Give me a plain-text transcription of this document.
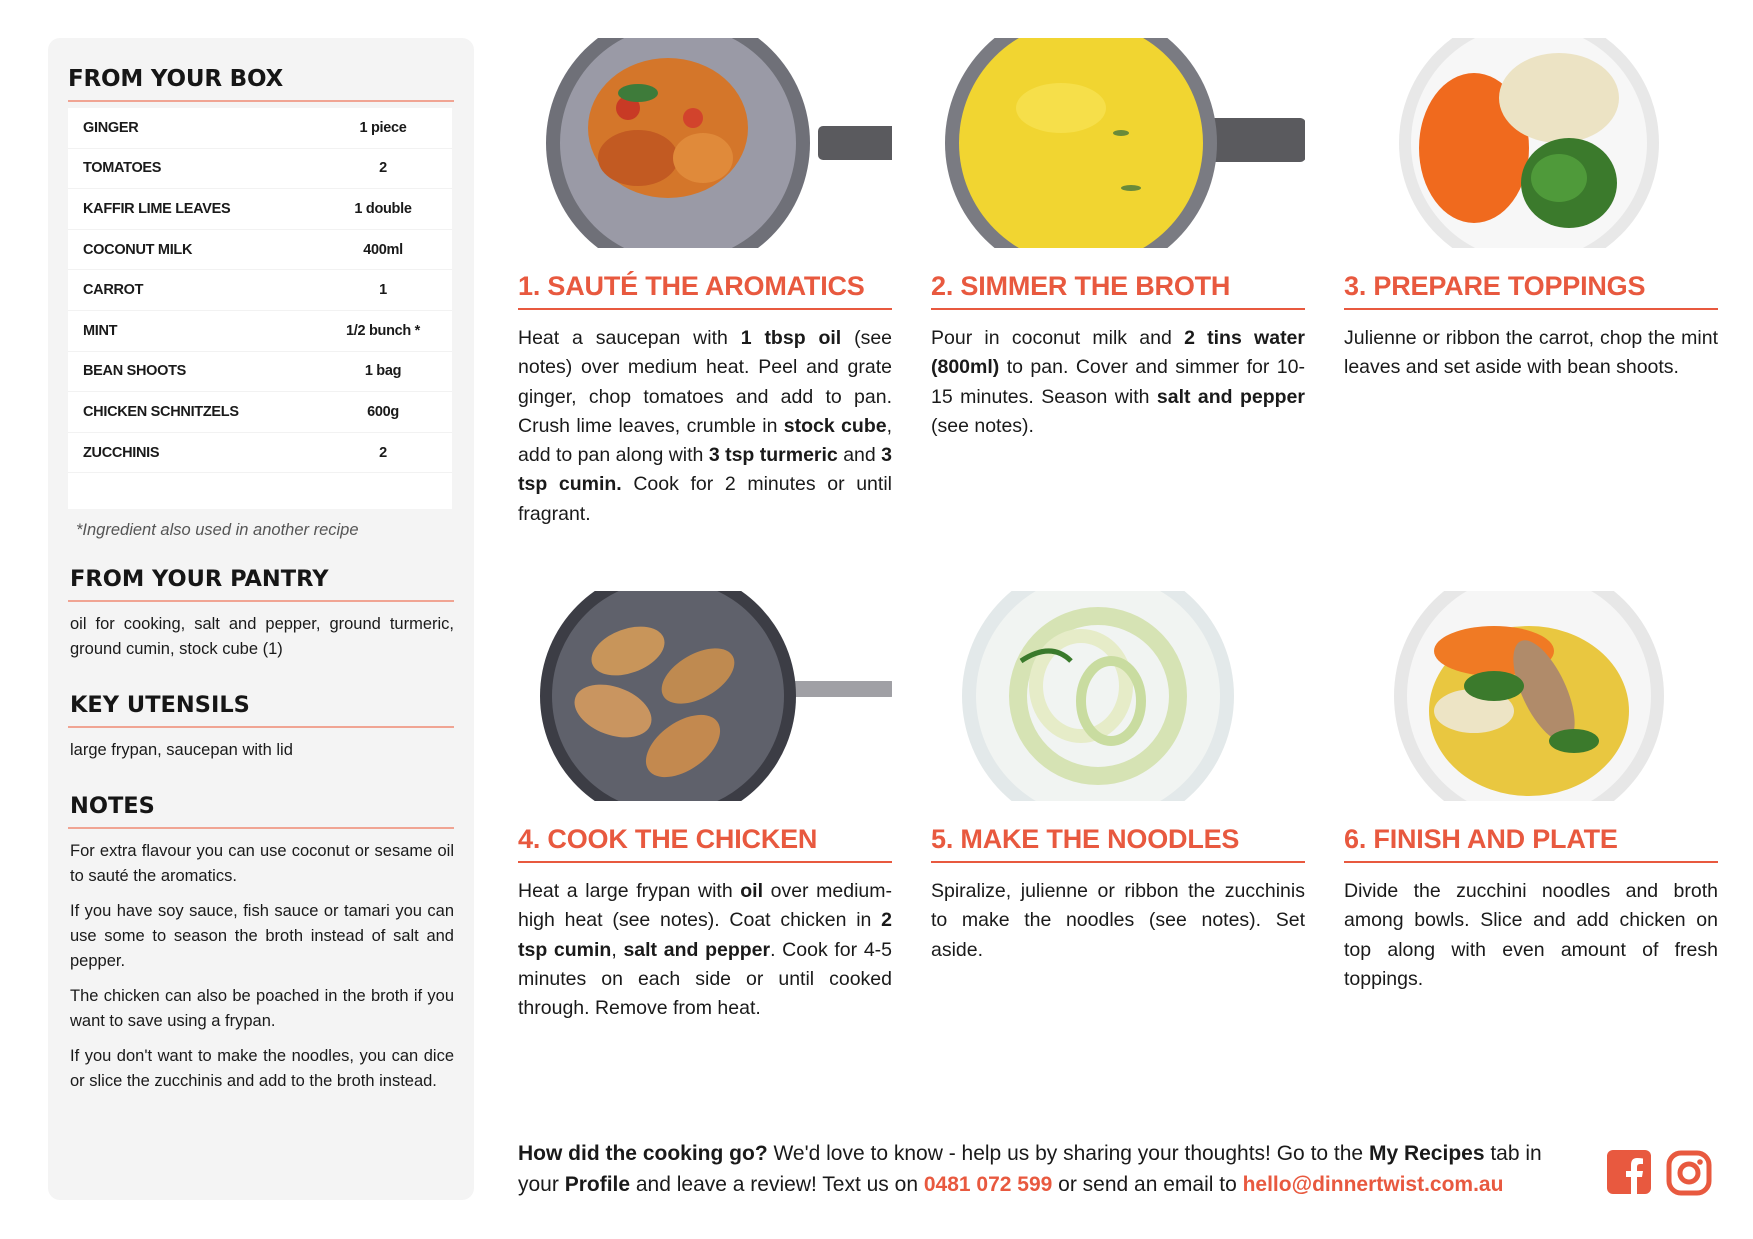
FROM YOUR BOX
GINGER	1 piece
TOMATOES	2
KAFFIR LIME LEAVES	1 double
COCONUT MILK	400ml
CARROT	1
MINT	1/2 bunch *
BEAN SHOOTS	1 bag
CHICKEN SCHNITZELS	600g
ZUCCHINIS	2

*Ingredient also used in another recipe

FROM YOUR PANTRY

oil for cooking, salt and pepper, ground turmeric, ground cumin, stock cube (1)

KEY UTENSILS

large frypan, saucepan with lid

NOTES

For extra flavour you can use coconut or sesame oil to sauté the aromatics.

If you have soy sauce, fish sauce or tamari you can use some to season the broth instead of salt and pepper.

The chicken can also be poached in the broth if you want to save using a frypan.

If you don't want to make the noodles, you can dice or slice the zucchinis and add to the broth instead.

1. SAUTÉ THE AROMATICS

Heat a saucepan with 1 tbsp oil (see notes) over medium heat. Peel and grate ginger, chop tomatoes and add to pan. Crush lime leaves, crumble in stock cube, add to pan along with 3 tsp turmeric and 3 tsp cumin. Cook for 2 minutes or until fragrant.

2. SIMMER THE BROTH

Pour in coconut milk and 2 tins water (800ml) to pan. Cover and simmer for 10-15 minutes. Season with salt and pepper (see notes).

3. PREPARE TOPPINGS

Julienne or ribbon the carrot, chop the mint leaves and set aside with bean shoots.

4. COOK THE CHICKEN

Heat a large frypan with oil over medium-high heat (see notes). Coat chicken in 2 tsp cumin, salt and pepper. Cook for 4-5 minutes on each side or until cooked through. Remove from heat.

5. MAKE THE NOODLES

Spiralize, julienne or ribbon the zucchinis to make the noodles (see notes). Set aside.

6. FINISH AND PLATE

Divide the zucchini noodles and broth among bowls. Slice and add chicken on top along with even amount of fresh toppings.

How did the cooking go? We'd love to know - help us by sharing your thoughts! Go to the My Recipes tab in your Profile and leave a review! Text us on 0481 072 599 or send an email to hello@dinnertwist.com.au
